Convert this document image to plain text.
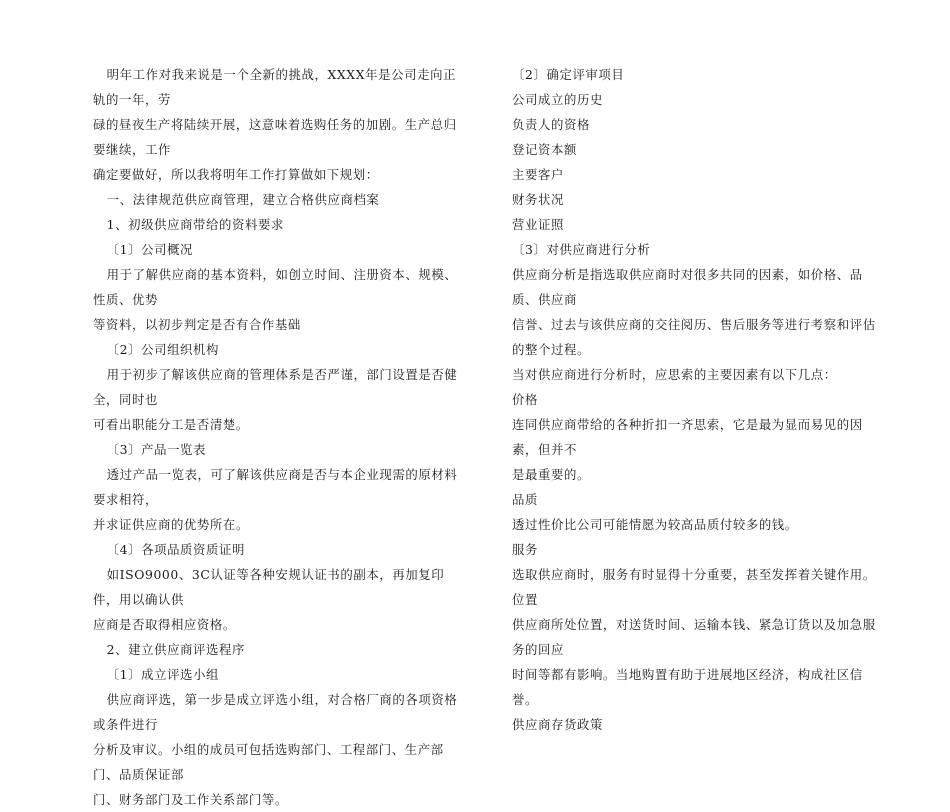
明年工作对我来说是一个全新的挑战，XXXX年是公司走向正轨的一年，劳
碌的昼夜生产将陆续开展，这意味着选购任务的加剧。生产总归要继续，工作
确定要做好，所以我将明年工作打算做如下规划：

一、法律规范供应商管理，建立合格供应商档案

1、初级供应商带给的资料要求

〔1〕公司概况

用于了解供应商的基本资料，如创立时间、注册资本、规模、性质、优势
等资料，以初步判定是否有合作基础

〔2〕公司组织机构

用于初步了解该供应商的管理体系是否严谨，部门设置是否健全，同时也
可看出职能分工是否清楚。

〔3〕产品一览表

透过产品一览表，可了解该供应商是否与本企业现需的原材料要求相符，
并求证供应商的优势所在。

〔4〕各项品质资质证明

如ISO9000、3C认证等各种安规认证书的副本，再加复印件，用以确认供
应商是否取得相应资格。

2、建立供应商评选程序

〔1〕成立评选小组

供应商评选，第一步是成立评选小组，对合格厂商的各项资格或条件进行
分析及审议。小组的成员可包括选购部门、工程部门、生产部门、品质保证部
门、财务部门及工作关系部门等。

〔2〕确定评审项目

公司成立的历史

负责人的资格

登记资本额

主要客户

财务状况

营业证照

〔3〕对供应商进行分析

供应商分析是指选取供应商时对很多共同的因素，如价格、品质、供应商
信誉、过去与该供应商的交往阅历、售后服务等进行考察和评估的整个过程。

当对供应商进行分析时，应思索的主要因素有以下几点：

价格

连同供应商带给的各种折扣一齐思索，它是最为显而易见的因素，但并不
是最重要的。

品质

透过性价比公司可能情愿为较高品质付较多的钱。

服务

选取供应商时，服务有时显得十分重要，甚至发挥着关键作用。

位置

供应商所处位置，对送货时间、运输本钱、紧急订货以及加急服务的回应
时间等都有影响。当地购置有助于进展地区经济，构成社区信誉。

供应商存货政策
